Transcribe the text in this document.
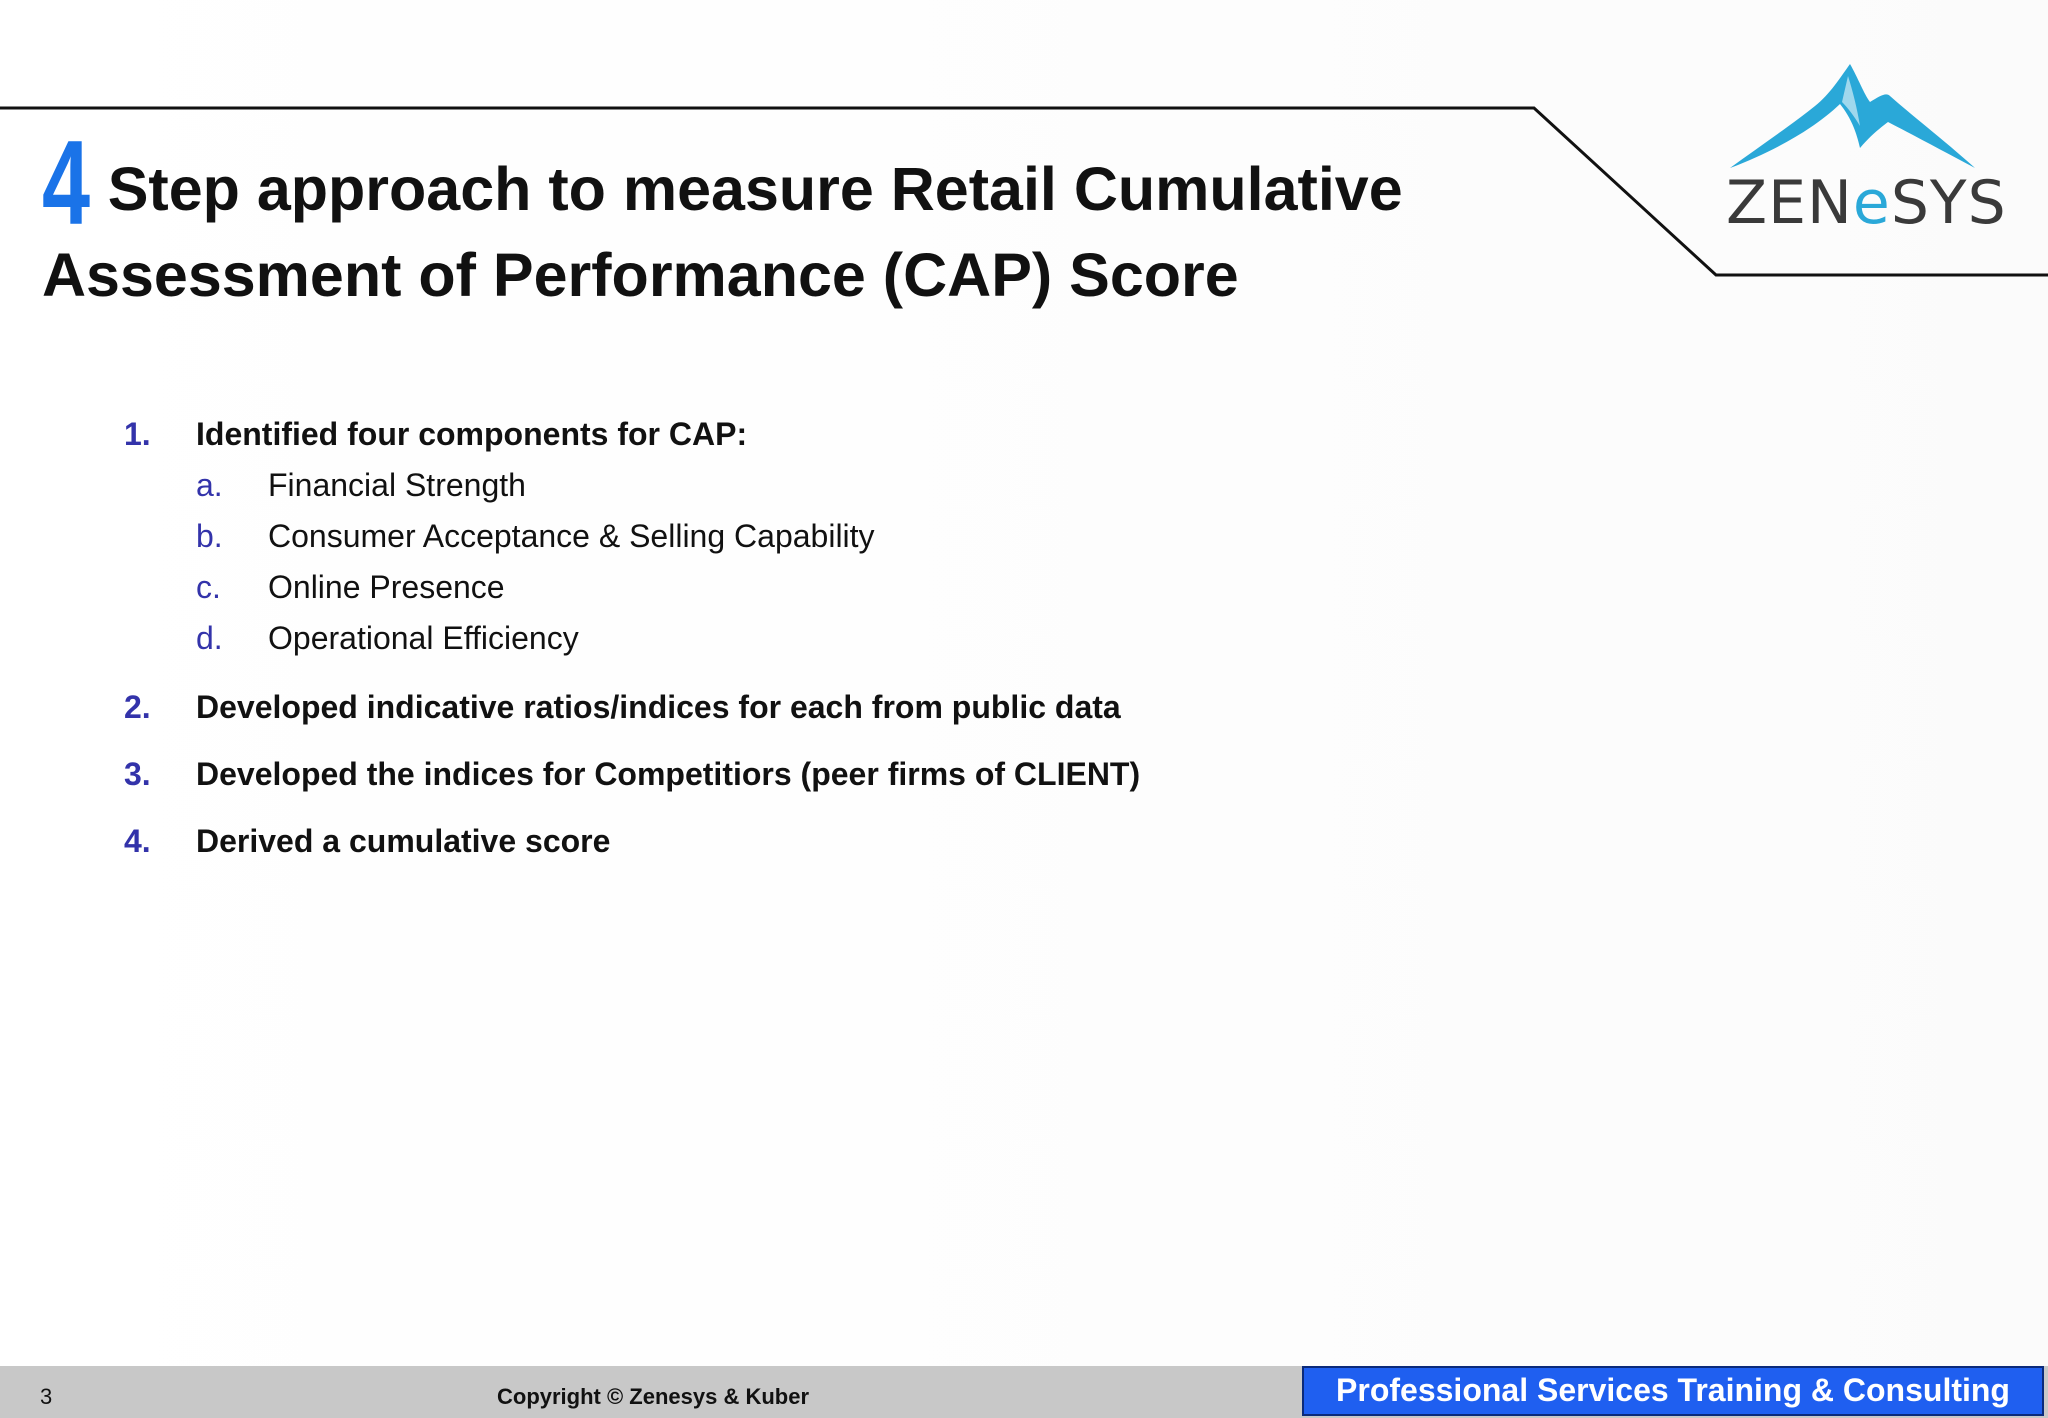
ZENeSYS
4 Step approach to measure Retail Cumulative Assessment of Performance (CAP) Score
1.	Identified four components for CAP:
a.	Financial Strength
b.	Consumer Acceptance & Selling Capability
c.	Online Presence
d.	Operational Efficiency
2.	Developed indicative ratios/indices for each from public data
3.	Developed the indices for Competitiors (peer firms of CLIENT)
4.	Derived a cumulative score
3	Copyright © Zenesys & Kuber	Professional Services Training & Consulting
